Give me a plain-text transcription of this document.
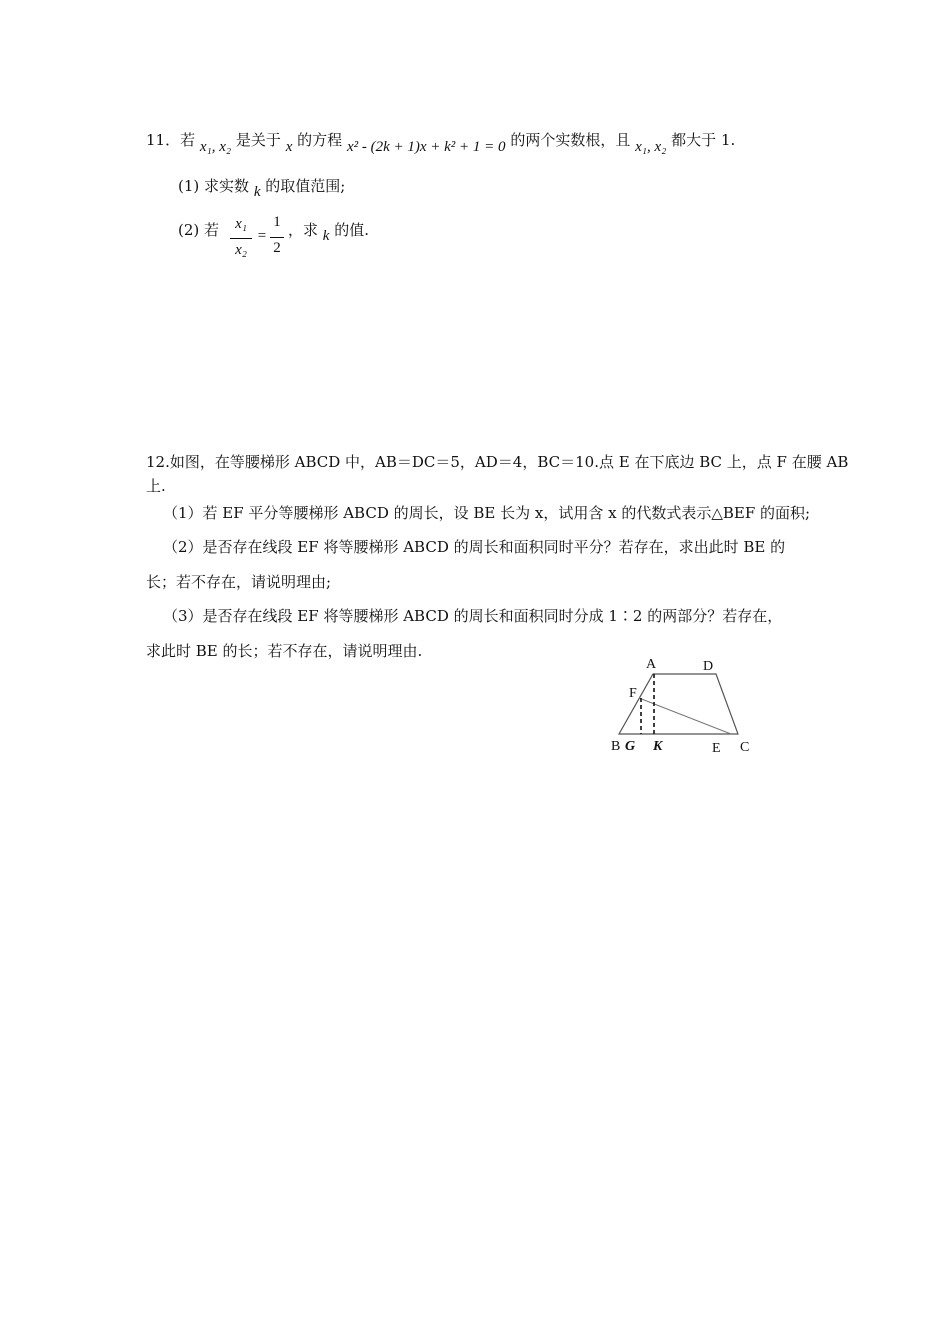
11．若 x₁, x₂ 是关于 x 的方程 x² - (2k + 1)x + k² + 1 = 0 的两个实数根，且 x₁, x₂ 都大于 1.
(1) 求实数 k 的取值范围;
(2) 若	x₁
x₂
=
1
2
，求 k 的值.
12.如图，在等腰梯形 ABCD 中，AB＝DC＝5，AD＝4，BC＝10.点 E 在下底边 BC 上，点 F 在腰 AB
上.
（1）若 EF 平分等腰梯形 ABCD 的周长，设 BE 长为 x，试用含 x 的代数式表示△BEF 的面积;
（2）是否存在线段 EF 将等腰梯形 ABCD 的周长和面积同时平分？若存在，求出此时 BE 的
长；若不存在，请说明理由;
（3）是否存在线段 EF 将等腰梯形 ABCD 的周长和面积同时分成 1∶2 的两部分？若存在，
求此时 BE 的长；若不存在，请说明理由.
A	D
F
B G K	E C
